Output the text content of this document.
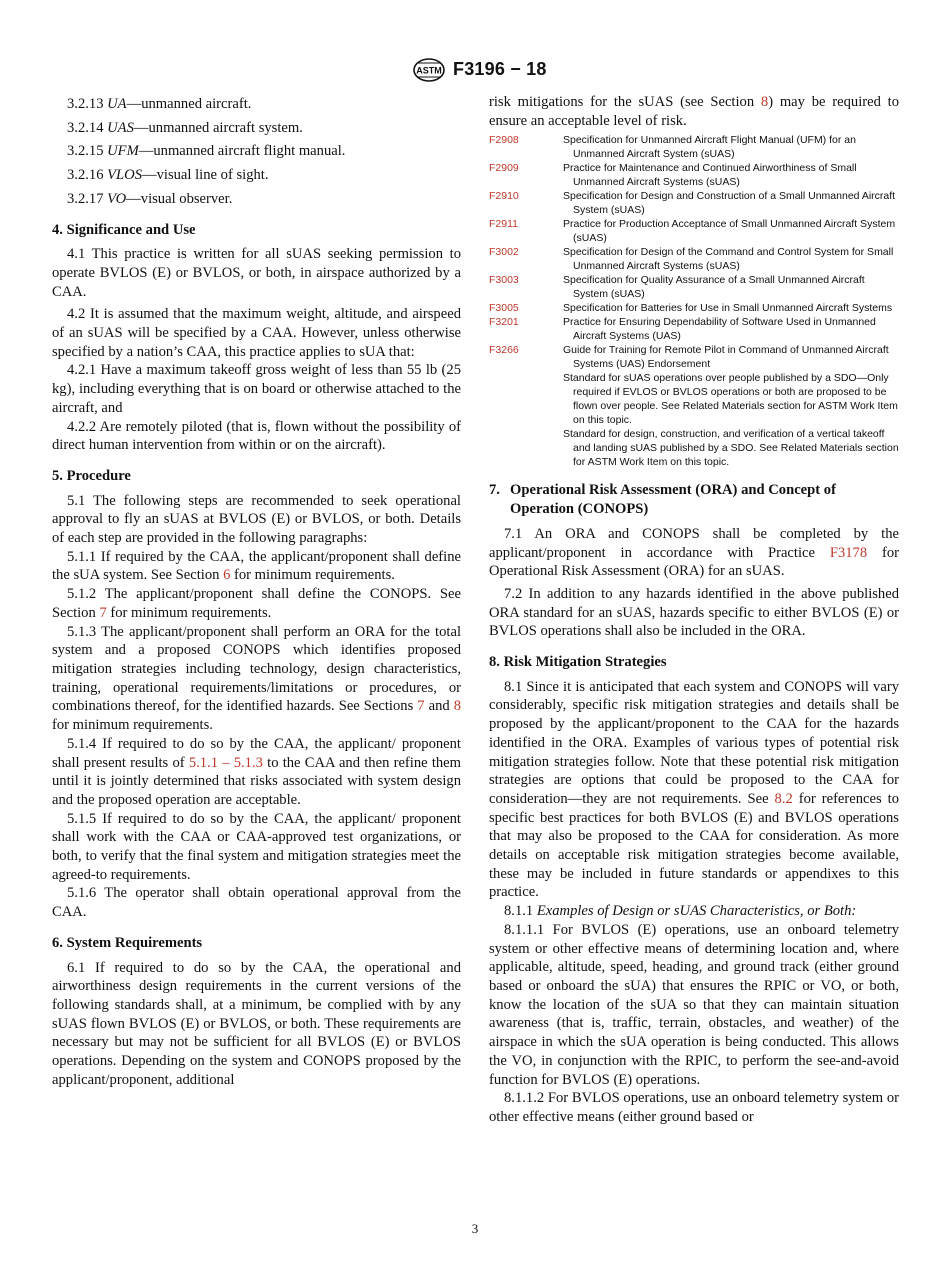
ASTM F3196 − 18

3.2.13 UA—unmanned aircraft.

3.2.14 UAS—unmanned aircraft system.

3.2.15 UFM—unmanned aircraft flight manual.

3.2.16 VLOS—visual line of sight.

3.2.17 VO—visual observer.

4. Significance and Use

4.1 This practice is written for all sUAS seeking permission to operate BVLOS (E) or BVLOS, or both, in airspace authorized by a CAA.

4.2 It is assumed that the maximum weight, altitude, and airspeed of an sUAS will be specified by a CAA. However, unless otherwise specified by a nation’s CAA, this practice applies to sUA that:

4.2.1 Have a maximum takeoff gross weight of less than 55 lb (25 kg), including everything that is on board or otherwise attached to the aircraft, and

4.2.2 Are remotely piloted (that is, flown without the possibility of direct human intervention from within or on the aircraft).

5. Procedure

5.1 The following steps are recommended to seek operational approval to fly an sUAS at BVLOS (E) or BVLOS, or both. Details of each step are provided in the following paragraphs:

5.1.1 If required by the CAA, the applicant/proponent shall define the sUA system. See Section 6 for minimum requirements.

5.1.2 The applicant/proponent shall define the CONOPS. See Section 7 for minimum requirements.

5.1.3 The applicant/proponent shall perform an ORA for the total system and a proposed CONOPS which identifies proposed mitigation strategies including technology, design characteristics, training, operational requirements/limitations or procedures, or combinations thereof, for the identified hazards. See Sections 7 and 8 for minimum requirements.

5.1.4 If required to do so by the CAA, the applicant/ proponent shall present results of 5.1.1 – 5.1.3 to the CAA and then refine them until it is jointly determined that risks associated with system design and the proposed operation are acceptable.

5.1.5 If required to do so by the CAA, the applicant/ proponent shall work with the CAA or CAA-approved test organizations, or both, to verify that the final system and mitigation strategies meet the agreed-to requirements.

5.1.6 The operator shall obtain operational approval from the CAA.

6. System Requirements

6.1 If required to do so by the CAA, the operational and airworthiness design requirements in the current versions of the following standards shall, at a minimum, be complied with by any sUAS flown BVLOS (E) or BVLOS, or both. These requirements are necessary but may not be sufficient for all BVLOS (E) or BVLOS operations. Depending on the system and CONOPS proposed by the applicant/proponent, additional

risk mitigations for the sUAS (see Section 8) may be required to ensure an acceptable level of risk.

F2908	Specification for Unmanned Aircraft Flight Manual (UFM) for an Unmanned Aircraft System (sUAS)
F2909	Practice for Maintenance and Continued Airworthiness of Small Unmanned Aircraft Systems (sUAS)
F2910	Specification for Design and Construction of a Small Unmanned Aircraft System (sUAS)
F2911	Practice for Production Acceptance of Small Unmanned Aircraft System (sUAS)
F3002	Specification for Design of the Command and Control System for Small Unmanned Aircraft Systems (sUAS)
F3003	Specification for Quality Assurance of a Small Unmanned Aircraft System (sUAS)
F3005	Specification for Batteries for Use in Small Unmanned Aircraft Systems
F3201	Practice for Ensuring Dependability of Software Used in Unmanned Aircraft Systems (UAS)
F3266	Guide for Training for Remote Pilot in Command of Unmanned Aircraft Systems (UAS) Endorsement
Standard for sUAS operations over people published by a SDO—Only required if EVLOS or BVLOS operations or both are proposed to be flown over people. See Related Materials section for ASTM Work Item on this topic.
Standard for design, construction, and verification of a vertical takeoff and landing sUAS published by a SDO. See Related Materials section for ASTM Work Item on this topic.
7. Operational Risk Assessment (ORA) and Concept of Operation (CONOPS)

7.1 An ORA and CONOPS shall be completed by the applicant/proponent in accordance with Practice F3178 for Operational Risk Assessment (ORA) for an sUAS.

7.2 In addition to any hazards identified in the above published ORA standard for an sUAS, hazards specific to either BVLOS (E) or BVLOS operations shall also be included in the ORA.

8. Risk Mitigation Strategies

8.1 Since it is anticipated that each system and CONOPS will vary considerably, specific risk mitigation strategies and details shall be proposed by the applicant/proponent to the CAA for the hazards identified in the ORA. Examples of various types of potential risk mitigation strategies follow. Note that these potential risk mitigation strategies are options that could be proposed to the CAA for consideration—they are not requirements. See 8.2 for references to specific best practices for both BVLOS (E) and BVLOS operations that may also be proposed to the CAA for consideration. As more details on acceptable risk mitigation strategies become available, these may be included in future standards or appendixes to this practice.

8.1.1 Examples of Design or sUAS Characteristics, or Both:

8.1.1.1 For BVLOS (E) operations, use an onboard telemetry system or other effective means of determining location and, where applicable, altitude, speed, heading, and ground track (either ground based or onboard the sUA) that ensures the RPIC or VO, or both, know the location of the sUA so that they can maintain situation awareness (that is, traffic, terrain, obstacles, and weather) of the airspace in which the sUA operation is being conducted. This allows the VO, in conjunction with the RPIC, to perform the see-and-avoid function for BVLOS (E) operations.

8.1.1.2 For BVLOS operations, use an onboard telemetry system or other effective means (either ground based or

3
